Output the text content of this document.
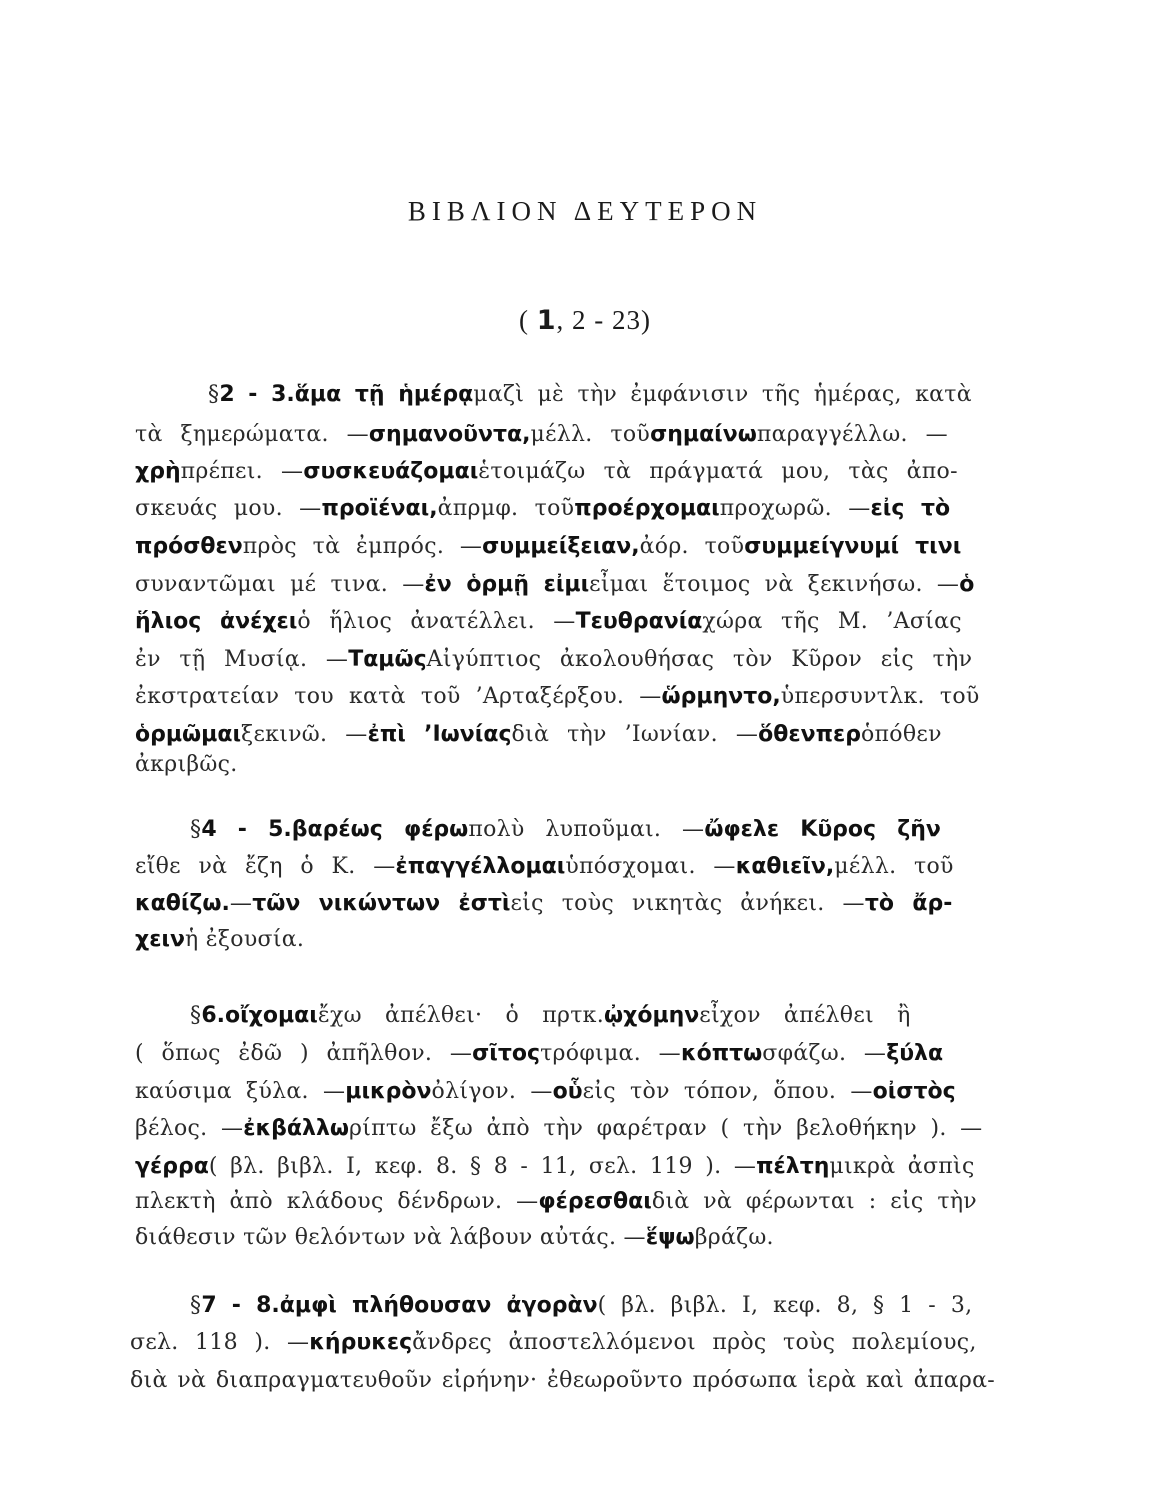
ΒΙΒΛΙΟΝ ΔΕΥΤΕΡΟΝ
( 1, 2 - 23)
§ 2 - 3. ἅμα τῇ ἡμέρᾳ μαζὶ μὲ τὴν ἐμφάνισιν τῆς ἡμέρας, κατὰ
τὰ ξημερώματα. — σημανοῦντα, μέλλ. τοῦ σημαίνω παραγγέλλω. —
χρὴ πρέπει. — συσκευάζομαι ἑτοιμάζω τὰ πράγματά μου, τὰς ἀπο-
σκευάς μου. — προϊέναι, ἀπρμφ. τοῦ προέρχομαι προχωρῶ. — εἰς τὸ
πρόσθεν πρὸς τὰ ἐμπρός. — συμμείξειαν, ἀόρ. τοῦ συμμείγνυμί τινι
συναντῶμαι μέ τινα. — ἐν ὁρμῇ εἰμι εἶμαι ἕτοιμος νὰ ξεκινήσω. — ὁ
ἥλιος ἀνέχει ὁ ἥλιος ἀνατέλλει. — Τευθρανία χώρα τῆς Μ. ’Ασίας
ἐν τῇ Μυσίᾳ. — Ταμῶς Αἰγύπτιος ἀκολουθήσας τὸν Κῦρον εἰς τὴν
ἐκστρατείαν του κατὰ τοῦ ’Αρταξέρξου. — ὥρμηντο, ὑπερσυντλκ. τοῦ
ὁρμῶμαι ξεκινῶ. — ἐπὶ ’Ιωνίας διὰ τὴν ’Ιωνίαν. — ὅθενπερ ὁπόθεν
ἀκριβῶς.
§ 4 - 5. βαρέως φέρω πολὺ λυποῦμαι. — ὤφελε Κῦρος ζῆν
εἴθε νὰ ἔζη ὁ Κ. — ἐπαγγέλλομαι ὑπόσχομαι. — καθιεῖν, μέλλ. τοῦ
καθίζω. — τῶν νικώντων ἐστὶ εἰς τοὺς νικητὰς ἀνήκει. — τὸ ἄρ-
χειν ἡ ἐξουσία.
§ 6. οἴχομαι ἔχω ἀπέλθει· ὁ πρτκ. ᾠχόμην εἶχον ἀπέλθει ἢ
( ὅπως ἐδῶ ) ἀπῆλθον. — σῖτος τρόφιμα. — κόπτω σφάζω. — ξύλα
καύσιμα ξύλα. — μικρὸν ὀλίγον. — οὗ εἰς τὸν τόπον, ὅπου. — οἰστὸς
βέλος. — ἐκβάλλω ρίπτω ἔξω ἀπὸ τὴν φαρέτραν ( τὴν βελοθήκην ). —
γέρρα ( βλ. βιβλ. Ι, κεφ. 8. § 8 - 11, σελ. 119 ). — πέλτη μικρὰ ἀσπὶς
πλεκτὴ ἀπὸ κλάδους δένδρων. — φέρεσθαι διὰ νὰ φέρωνται : εἰς τὴν
διάθεσιν τῶν θελόντων νὰ λάβουν αὐτάς. — ἕψω βράζω.
§ 7 - 8. ἀμφὶ πλήθουσαν ἀγορὰν ( βλ. βιβλ. Ι, κεφ. 8, § 1 - 3,
σελ. 118 ). — κήρυκες ἄνδρες ἀποστελλόμενοι πρὸς τοὺς πολεμίους,
διὰ νὰ διαπραγματευθοῦν εἰρήνην· ἐθεωροῦντο πρόσωπα ἱερὰ καὶ ἀπαρα-
